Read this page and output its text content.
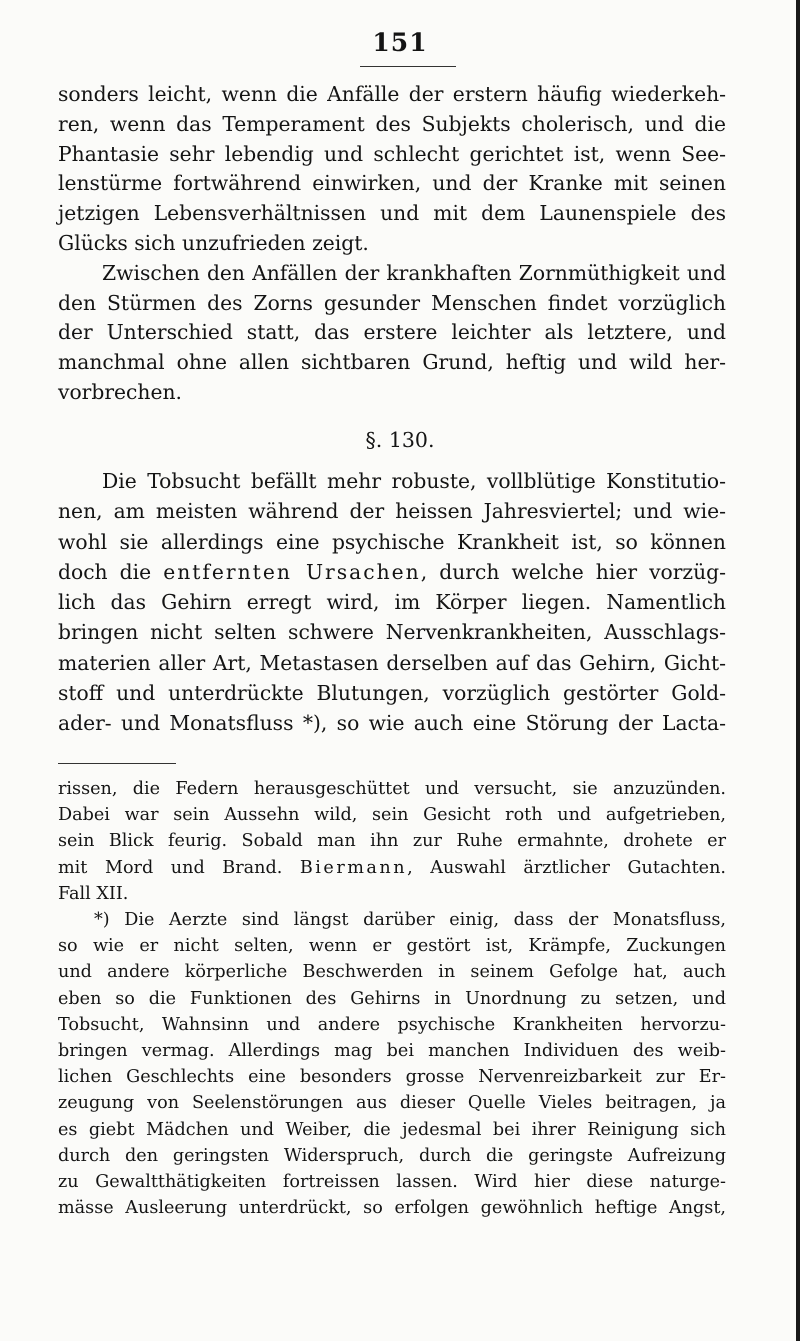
151
sonders leicht, wenn die Anfälle der erstern häufig wiederkeh-
ren, wenn das Temperament des Subjekts cholerisch, und die
Phantasie sehr lebendig und schlecht gerichtet ist, wenn See-
lenstürme fortwährend einwirken, und der Kranke mit seinen
jetzigen Lebensverhältnissen und mit dem Launenspiele des
Glücks sich unzufrieden zeigt.
Zwischen den Anfällen der krankhaften Zornmüthigkeit und
den Stürmen des Zorns gesunder Menschen findet vorzüglich
der Unterschied statt, das erstere leichter als letztere, und
manchmal ohne allen sichtbaren Grund, heftig und wild her-
vorbrechen.
§. 130.
Die Tobsucht befällt mehr robuste, vollblütige Konstitutio-
nen, am meisten während der heissen Jahresviertel; und wie-
wohl sie allerdings eine psychische Krankheit ist, so können
doch die entfernten Ursachen, durch welche hier vorzüg-
lich das Gehirn erregt wird, im Körper liegen. Namentlich
bringen nicht selten schwere Nervenkrankheiten, Ausschlags-
materien aller Art, Metastasen derselben auf das Gehirn, Gicht-
stoff und unterdrückte Blutungen, vorzüglich gestörter Gold-
ader- und Monatsfluss *), so wie auch eine Störung der Lacta-
rissen, die Federn herausgeschüttet und versucht, sie anzuzünden.
Dabei war sein Aussehn wild, sein Gesicht roth und aufgetrieben,
sein Blick feurig. Sobald man ihn zur Ruhe ermahnte, drohete er
mit Mord und Brand. Biermann, Auswahl ärztlicher Gutachten.
Fall XII.
*) Die Aerzte sind längst darüber einig, dass der Monatsfluss,
so wie er nicht selten, wenn er gestört ist, Krämpfe, Zuckungen
und andere körperliche Beschwerden in seinem Gefolge hat, auch
eben so die Funktionen des Gehirns in Unordnung zu setzen, und
Tobsucht, Wahnsinn und andere psychische Krankheiten hervorzu-
bringen vermag. Allerdings mag bei manchen Individuen des weib-
lichen Geschlechts eine besonders grosse Nervenreizbarkeit zur Er-
zeugung von Seelenstörungen aus dieser Quelle Vieles beitragen, ja
es giebt Mädchen und Weiber, die jedesmal bei ihrer Reinigung sich
durch den geringsten Widerspruch, durch die geringste Aufreizung
zu Gewaltthätigkeiten fortreissen lassen. Wird hier diese naturge-
mässe Ausleerung unterdrückt, so erfolgen gewöhnlich heftige Angst,
